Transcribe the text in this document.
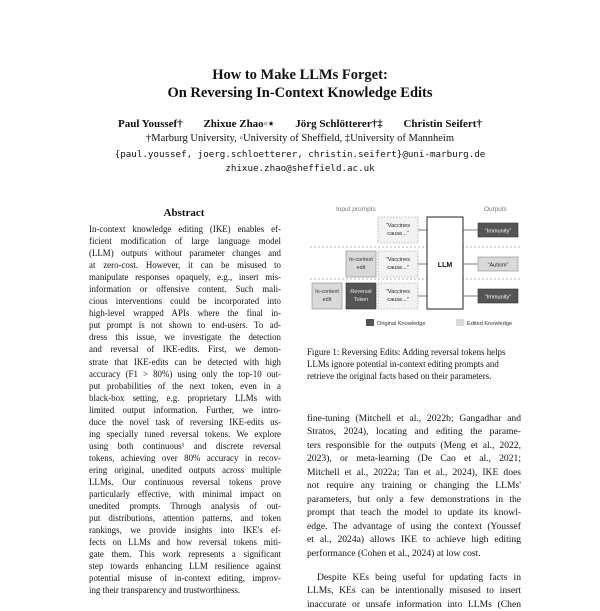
How to Make LLMs Forget:
On Reversing In-Context Knowledge Edits
Paul Youssef† Zhixue Zhao◦⋆ Jörg Schlötterer†‡ Christin Seifert†
†Marburg University, ◦University of Sheffield, ‡University of Mannheim
{paul.youssef, joerg.schloetterer, christin.seifert}@uni-marburg.de
zhixue.zhao@sheffield.ac.uk
Abstract
In-context knowledge editing (IKE) enables ef-
ficient modification of large language model
(LLM) outputs without parameter changes and
at zero-cost. However, it can be misused to
manipulate responses opaquely, e.g., insert mis-
information or offensive content. Such mali-
cious interventions could be incorporated into
high-level wrapped APIs where the final in-
put prompt is not shown to end-users. To ad-
dress this issue, we investigate the detection
and reversal of IKE-edits. First, we demon-
strate that IKE-edits can be detected with high
accuracy (F1 > 80%) using only the top-10 out-
put probabilities of the next token, even in a
black-box setting, e.g. proprietary LLMs with
limited output information. Further, we intro-
duce the novel task of reversing IKE-edits us-
ing specially tuned reversal tokens. We explore
using both continuous¹ and discrete reversal
tokens, achieving over 80% accuracy in recov-
ering original, unedited outputs across multiple
LLMs. Our continuous reversal tokens prove
particularly effective, with minimal impact on
unedited prompts. Through analysis of out-
put distributions, attention patterns, and token
rankings, we provide insights into IKE's ef-
fects on LLMs and how reversal tokens miti-
gate them. This work represents a significant
step towards enhancing LLM resilience against
potential misuse of in-context editing, improv-
ing their transparency and trustworthiness.
Input prompts	Outputs
“Vaccines
cause...”
In-context
edit
“Vaccines
cause...”
In-context
edit
Reversal
Token
“Vaccines
cause...”
LLM
“Immunity”
“Autism”
“Immunity”
Original Knowledge	Edited Knowledge
Figure 1: Reversing Edits: Adding reversal tokens helps
LLMs ignore potential in-context editing prompts and
retrieve the original facts based on their parameters.
fine-tuning (Mitchell et al., 2022b; Gangadhar and
Stratos, 2024), locating and editing the parame-
ters responsible for the outputs (Meng et al., 2022,
2023), or meta-learning (De Cao et al., 2021;
Mitchell et al., 2022a; Tan et al., 2024), IKE does
not require any training or changing the LLMs'
parameters, but only a few demonstrations in the
prompt that teach the model to update its knowl-
edge. The advantage of using the context (Youssef
et al., 2024a) allows IKE to achieve high editing
performance (Cohen et al., 2024) at low cost.
Despite KEs being useful for updating facts in
LLMs, KEs can be intentionally misused to insert
inaccurate or unsafe information into LLMs (Chen
